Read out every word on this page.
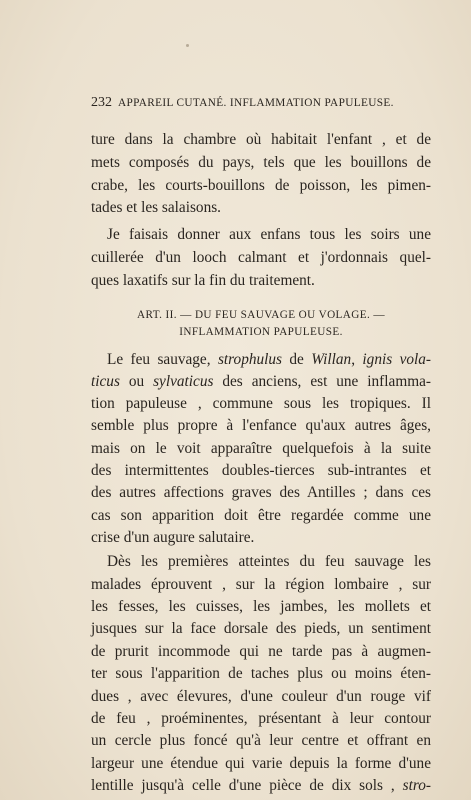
232 APPAREIL CUTANÉ. INFLAMMATION PAPULEUSE.

ture dans la chambre où habitait l'enfant , et de
mets composés du pays, tels que les bouillons de
crabe, les courts-bouillons de poisson, les pimen-
tades et les salaisons.

Je faisais donner aux enfans tous les soirs une
cuillerée d'un looch calmant et j'ordonnais quel-
ques laxatifs sur la fin du traitement.

ART. II. — DU FEU SAUVAGE OU VOLAGE. —
INFLAMMATION PAPULEUSE.

Le feu sauvage, strophulus de Willan, ignis vola-
ticus ou sylvaticus des anciens, est une inflamma-
tion papuleuse , commune sous les tropiques. Il
semble plus propre à l'enfance qu'aux autres âges,
mais on le voit apparaître quelquefois à la suite
des intermittentes doubles-tierces sub-intrantes et
des autres affections graves des Antilles ; dans ces
cas son apparition doit être regardée comme une
crise d'un augure salutaire.

Dès les premières atteintes du feu sauvage les
malades éprouvent , sur la région lombaire , sur
les fesses, les cuisses, les jambes, les mollets et
jusques sur la face dorsale des pieds, un sentiment
de prurit incommode qui ne tarde pas à augmen-
ter sous l'apparition de taches plus ou moins éten-
dues , avec élevures, d'une couleur d'un rouge vif
de feu , proéminentes, présentant à leur contour
un cercle plus foncé qu'à leur centre et offrant en
largeur une étendue qui varie depuis la forme d'une
lentille jusqu'à celle d'une pièce de dix sols , stro-
